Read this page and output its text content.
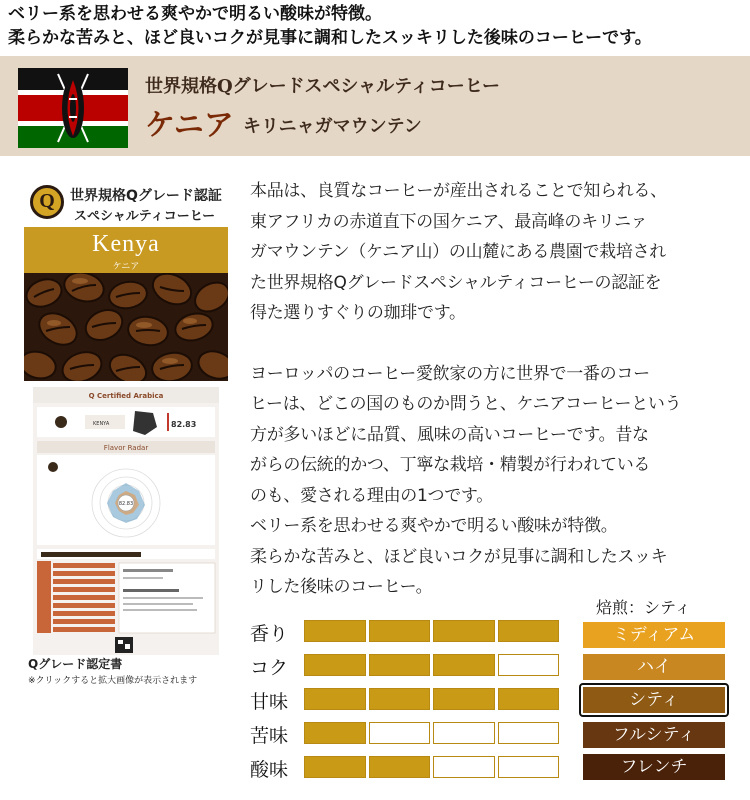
ベリー系を思わせる爽やかで明るい酸味が特徴。
柔らかな苦みと、ほど良いコクが見事に調和したスッキリした後味のコーヒーです。
世界規格Qグレードスペシャルティコーヒー
ケニア キリニャガマウンテン
Q	世界規格Qグレード認証
スペシャルティコーヒー
Kenya
ケニア
Q Certified Arabica
KENYA	82.83
Flavor Radar
82.83
Qグレード認定書
※クリックすると拡大画像が表示されます

本品は、良質なコーヒーが産出されることで知られる、
東アフリカの赤道直下の国ケニア、最高峰のキリニァ
ガマウンテン（ケニア山）の山麓にある農園で栽培され
た世界規格Qグレードスペシャルティコーヒーの認証を
得た選りすぐりの珈琲です。

ヨーロッパのコーヒー愛飲家の方に世界で一番のコー
ヒーは、どこの国のものか問うと、ケニアコーヒーという
方が多いほどに品質、風味の高いコーヒーです。昔な
がらの伝統的かつ、丁寧な栽培・精製が行われている
のも、愛される理由の1つです。
ベリー系を思わせる爽やかで明るい酸味が特徴。
柔らかな苦みと、ほど良いコクが見事に調和したスッキ
リした後味のコーヒー。

香り
コク
甘味
苦味
酸味
焙煎：シティ
ミディアム
ハイ
シティ
フルシティ
フレンチ
